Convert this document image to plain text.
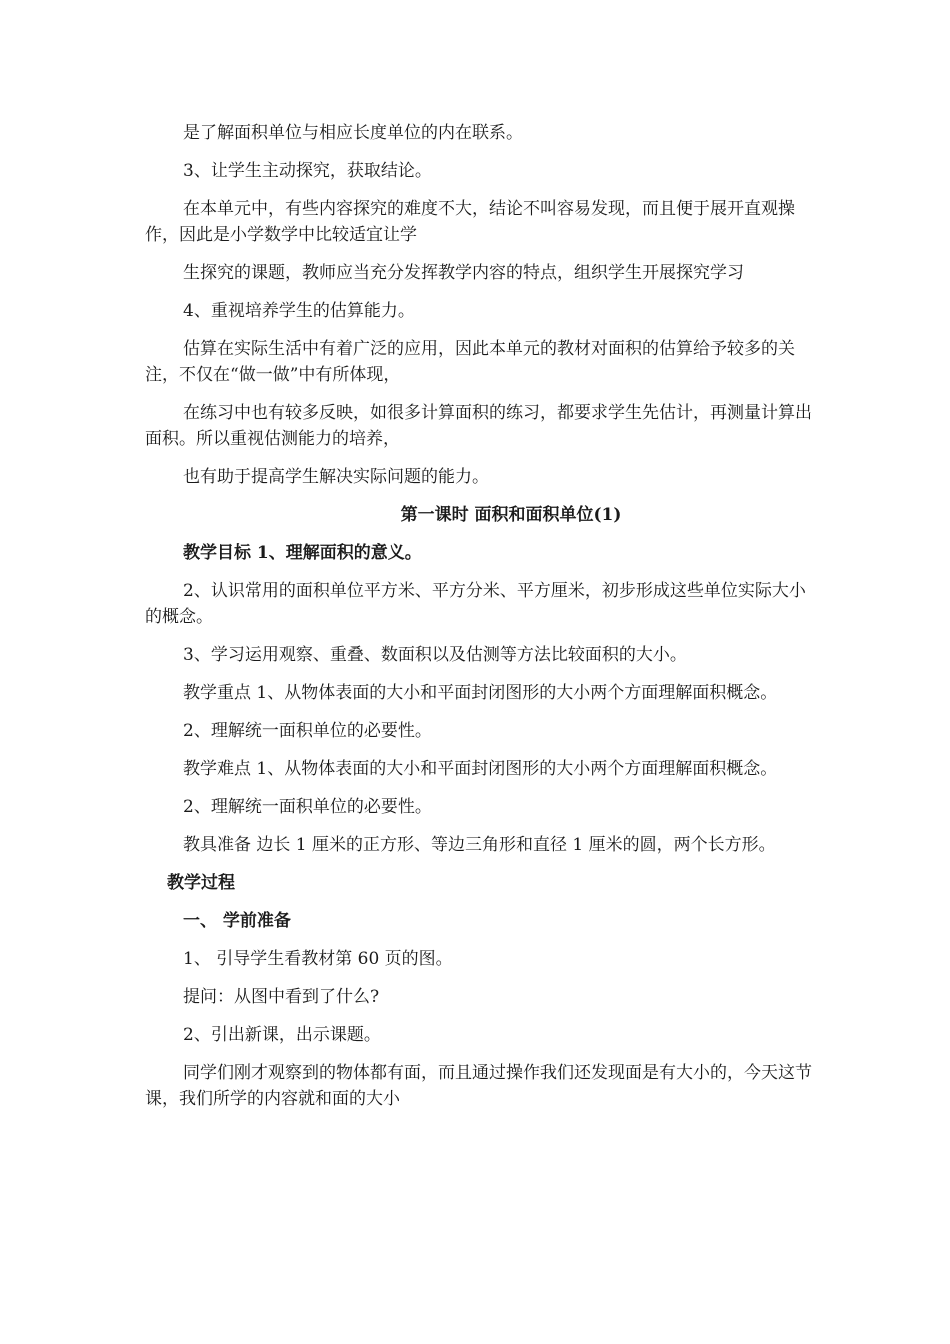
是了解面积单位与相应长度单位的内在联系。

3、让学生主动探究，获取结论。

在本单元中，有些内容探究的难度不大，结论不叫容易发现，而且便于展开直观操作，因此是小学数学中比较适宜让学

生探究的课题，教师应当充分发挥教学内容的特点，组织学生开展探究学习

4、重视培养学生的估算能力。

估算在实际生活中有着广泛的应用，因此本单元的教材对面积的估算给予较多的关注，不仅在“做一做”中有所体现，

在练习中也有较多反映，如很多计算面积的练习，都要求学生先估计，再测量计算出面积。所以重视估测能力的培养，

也有助于提高学生解决实际问题的能力。

第一课时 面积和面积单位(1)

教学目标 1、理解面积的意义。

2、认识常用的面积单位平方米、平方分米、平方厘米，初步形成这些单位实际大小的概念。

3、学习运用观察、重叠、数面积以及估测等方法比较面积的大小。

教学重点 1、从物体表面的大小和平面封闭图形的大小两个方面理解面积概念。

2、理解统一面积单位的必要性。

教学难点 1、从物体表面的大小和平面封闭图形的大小两个方面理解面积概念。

2、理解统一面积单位的必要性。

教具准备 边长 1 厘米的正方形、等边三角形和直径 1 厘米的圆，两个长方形。

教学过程

一、 学前准备

1、 引导学生看教材第 60 页的图。

提问：从图中看到了什么?

2、引出新课，出示课题。

同学们刚才观察到的物体都有面，而且通过操作我们还发现面是有大小的，今天这节课，我们所学的内容就和面的大小
